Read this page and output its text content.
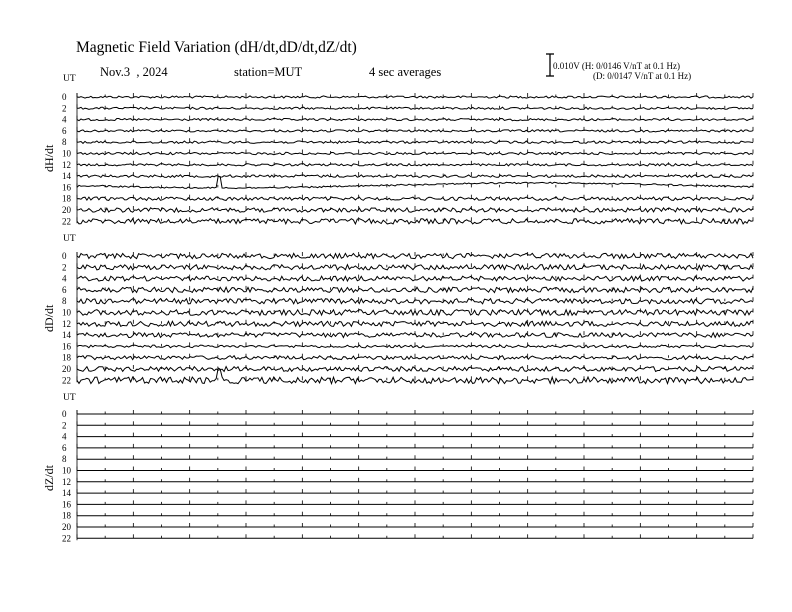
Magnetic Field Variation (dH/dt,dD/dt,dZ/dt)
Nov.3 , 2024	station=MUT	4 sec averages	0.010V (H: 0/0146 V/nT at 0.1 Hz)
(D: 0/0147 V/nT at 0.1 Hz)
0
2
4
6
8
10
12
14
16
18
20
22
0
2
4
6
8
10
12
14
16
18
20
22
0
2
4
6
8
10
12
14
16
18
20
22
UT
dH/dt
UT
dD/dt
UT
dZ/dt
